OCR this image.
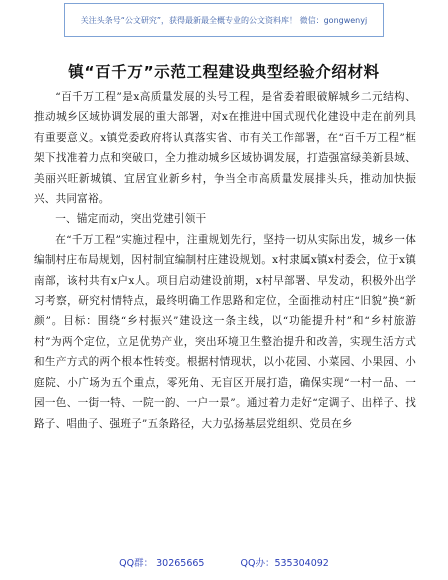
关注头条号“公文研究”，获得最新最全概专业的公文资料库！ 微信：gongwenyj
镇“百千万”示范工程建设典型经验介绍材料

“百千万工程”是x高质量发展的头号工程，是省委着眼破解城乡二元结构、推动城乡区域协调发展的重大部署，对x在推进中国式现代化建设中走在前列具有重要意义。x镇党委政府将认真落实省、市有关工作部署，在“百千万工程”框架下找准着力点和突破口，全力推动城乡区域协调发展，打造强富绿美新县域、美丽兴旺新城镇、宜居宜业新乡村，争当全市高质量发展排头兵，推动加快振兴、共同富裕。

一、锚定而动，突出党建引领干

在“千万工程”实施过程中，注重规划先行，坚持一切从实际出发，城乡一体编制村庄布局规划，因村制宜编制村庄建设规划。x村隶属x镇x村委会，位于x镇南部，该村共有x户x人。项目启动建设前期，x村早部署、早发动，积极外出学习考察，研究村情特点，最终明确工作思路和定位，全面推动村庄“旧貌”换“新颜”。目标：围绕“乡村振兴”建设这一条主线，以“功能提升村”和“乡村旅游村”为两个定位，立足优势产业，突出环境卫生整治提升和改善，实现生活方式和生产方式的两个根本性转变。根据村情现状，以小花园、小菜园、小果园、小庭院、小广场为五个重点，零死角、无盲区开展打造，确保实现“一村一品、一园一色、一街一特、一院一韵、一户一景”。通过着力走好“定调子、出样子、找路子、唱曲子、强班子”五条路径，大力弘扬基层党组织、党员在乡

QQ群： 30265665	QQ办：535304092
